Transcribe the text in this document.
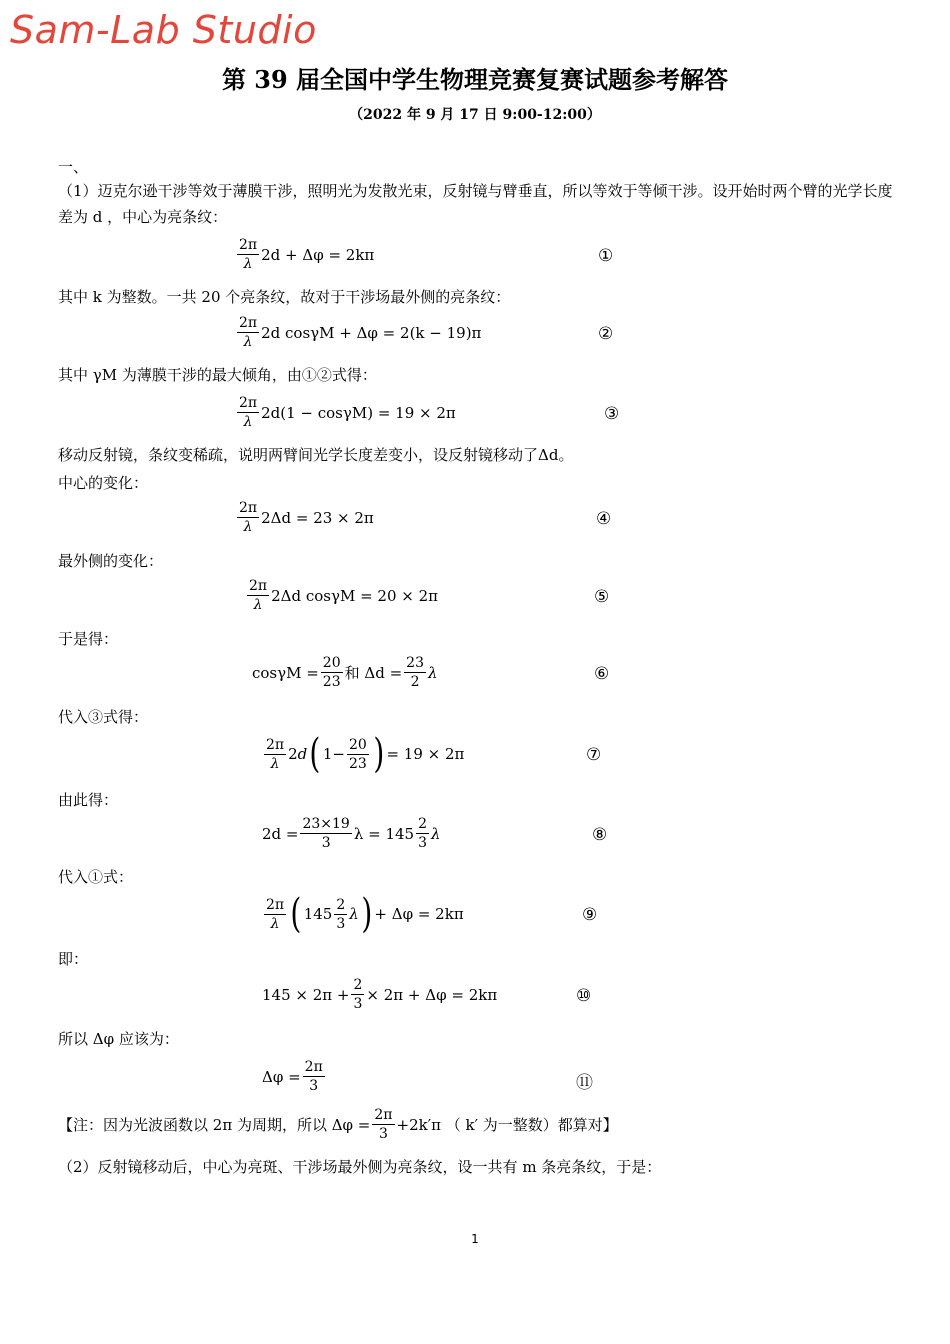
Sam-Lab Studio
第 39 届全国中学生物理竞赛复赛试题参考解答
（2022 年 9 月 17 日 9:00-12:00）
一、
（1）迈克尔逊干涉等效于薄膜干涉，照明光为发散光束，反射镜与臂垂直，所以等效于等倾干涉。设开始时两个臂的光学长度差为 d ，中心为亮条纹：
$\frac{2\pi}{\lambda} 2d + \Delta\varphi = 2k\pi$	①
其中 k 为整数。一共 20 个亮条纹，故对于干涉场最外侧的亮条纹：
$\frac{2\pi}{\lambda} 2d$ cosγM + Δφ = 2(k − 19)π	②
其中 γM 为薄膜干涉的最大倾角，由①②式得：
$\frac{2\pi}{\lambda} 2d(1 - \cos\gamma M) = 19 \times 2\pi$	③
移动反射镜，条纹变稀疏，说明两臂间光学长度差变小，设反射镜移动了Δd。
中心的变化：
$\frac{2\pi}{\lambda} 2\Delta d = 23 \times 2\pi$	④
最外侧的变化：
$\frac{2\pi}{\lambda} 2\Delta d$ cosγM = 20 × 2π	⑤
于是得：
$\cos\gamma M = \frac{20}{23}$ 和 $\Delta d = \frac{23}{2}$ λ	⑥
代入③式得：
$\frac{2\pi}{\lambda} 2d$ ( $1- \frac{20}{23}$ ) = 19 × 2π	⑦
由此得：
$2d = \frac{23\times 19}{3}$ $\lambda = 145 \frac{2}{3}$ λ	⑧
代入①式：
$\frac{2\pi}{\lambda}$ ( $145 \frac{2}{3}$ λ ) + Δφ = 2kπ	⑨
即：
$145 \times 2\pi + \frac{2}{3} \times 2\pi + \Delta\varphi = 2k\pi$	⑩
所以 Δφ 应该为：
$\Delta\varphi = \frac{2\pi}{3}$	⑪
【注：因为光波函数以 2π 为周期，所以 $\Delta\varphi = \frac{2\pi}{3} +2k'\pi$ （ k′ 为一整数）都算对】
（2）反射镜移动后，中心为亮斑、干涉场最外侧为亮条纹，设一共有 m 条亮条纹，于是：
1
